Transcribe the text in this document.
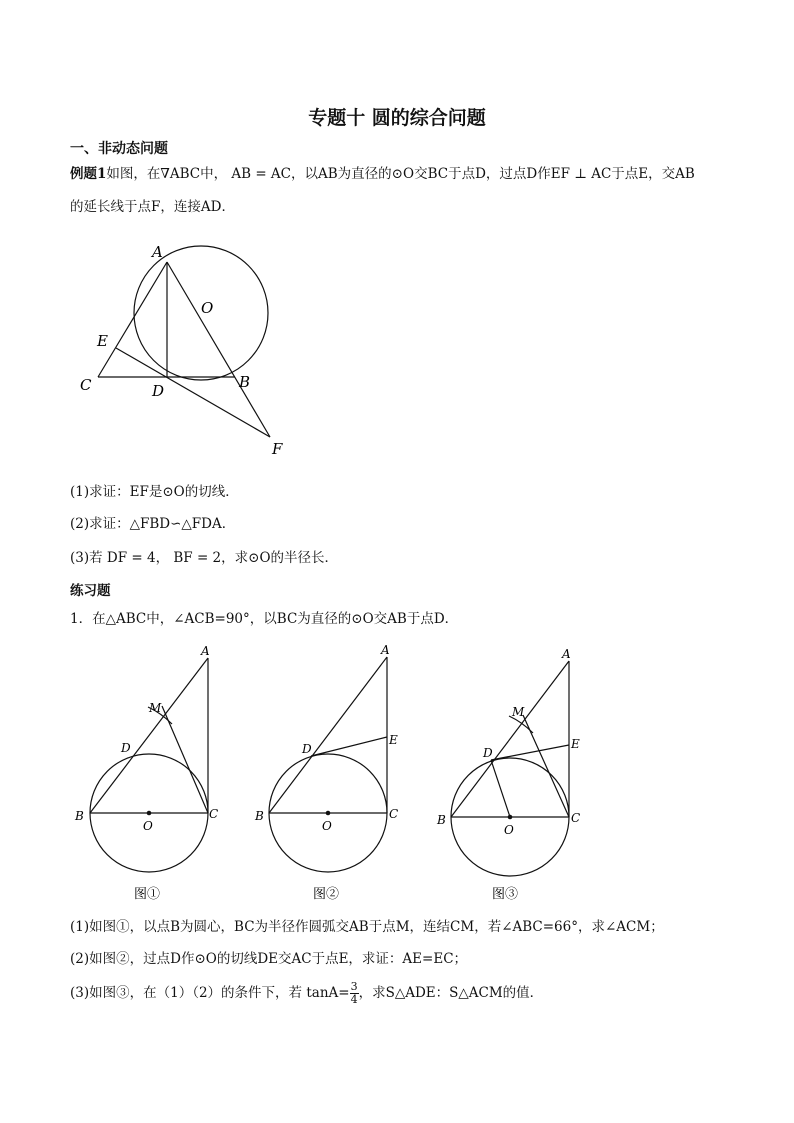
专题十 圆的综合问题
一、非动态问题
例题1如图，在∇ABC中， AB = AC，以AB为直径的⊙O交BC于点D，过点D作EF ⊥ AC于点E，交AB
的延长线于点F，连接AD．
A
O
E
C	D	B
F
(1)求证：EF是⊙O的切线．
(2)求证：△FBD∽△FDA．
(3)若 DF = 4， BF = 2，求⊙O的半径长．
练习题
1．在△ABC中，∠ACB=90°，以BC为直径的⊙O交AB于点D．
A
M
D
B
O
C
图①
A
E
D
B
O
C
图②
A
M
E
D
B
O
C
图③
(1)如图①，以点B为圆心，BC为半径作圆弧交AB于点M，连结CM，若∠ABC=66°，求∠ACM；
(2)如图②，过点D作⊙O的切线DE交AC于点E，求证：AE=EC；
(3)如图③，在（1）（2）的条件下，若 $\tan A= \frac{3}{4}$ ，求S△ADE：S△ACM的值．
